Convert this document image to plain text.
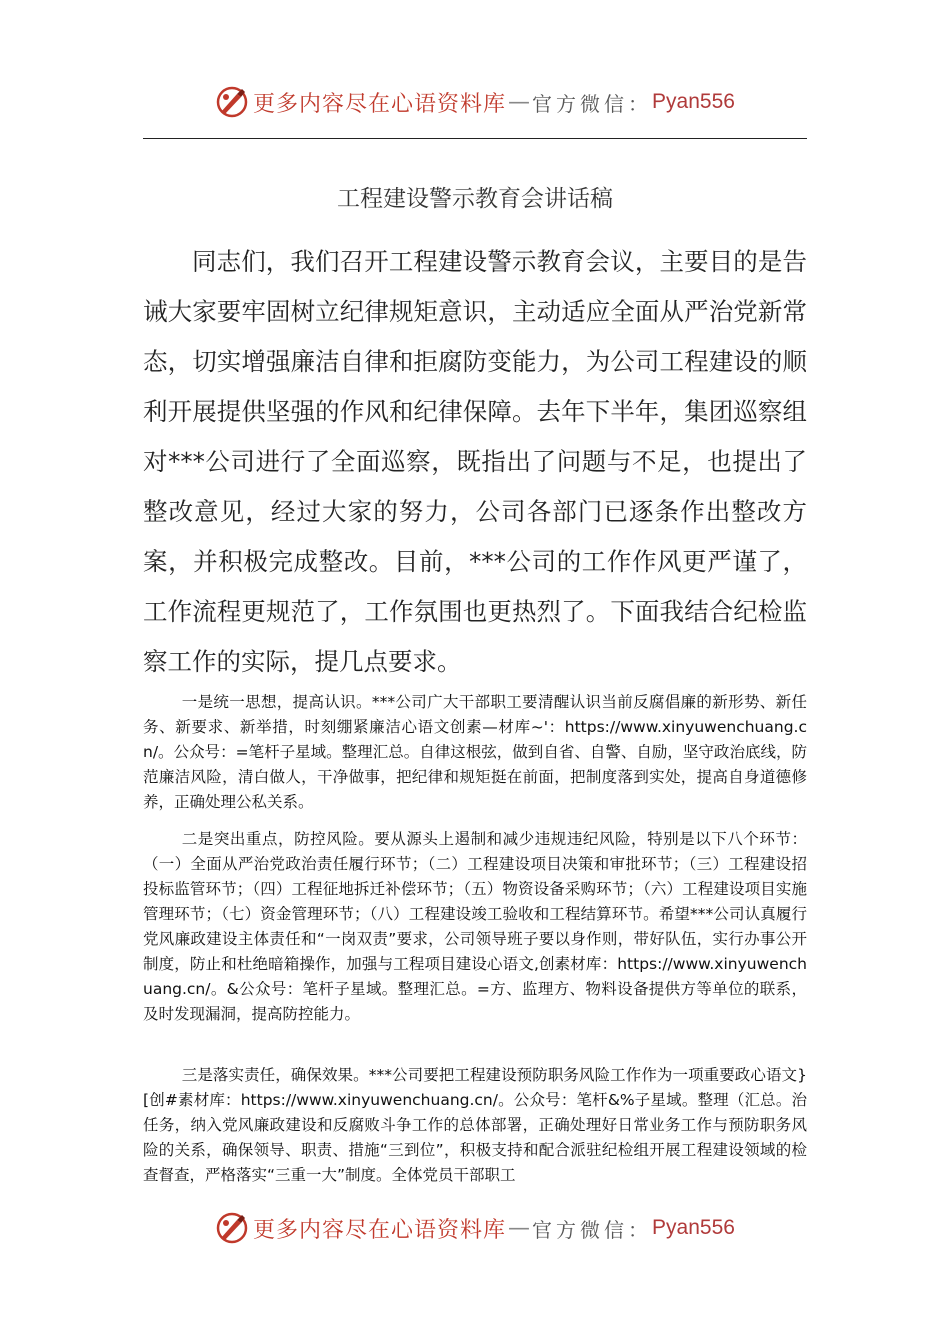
更多内容尽在心语资料库 — 官方微信： Pyan556
工程建设警示教育会讲话稿

同志们，我们召开工程建设警示教育会议，主要目的是告诫大家要牢固树立纪律规矩意识，主动适应全面从严治党新常态，切实增强廉洁自律和拒腐防变能力，为公司工程建设的顺利开展提供坚强的作风和纪律保障。去年下半年，集团巡察组对***公司进行了全面巡察，既指出了问题与不足，也提出了整改意见，经过大家的努力，公司各部门已逐条作出整改方案，并积极完成整改。目前，***公司的工作作风更严谨了，工作流程更规范了，工作氛围也更热烈了。下面我结合纪检监察工作的实际，提几点要求。

一是统一思想，提高认识。***公司广大干部职工要清醒认识当前反腐倡廉的新形势、新任务、新要求、新举措，时刻绷紧廉洁心语文创素—材库~'：https://www.xinyuwenchuang.cn/。公众号：=笔杆子星域。整理汇总。自律这根弦，做到自省、自警、自励，坚守政治底线，防范廉洁风险，清白做人，干净做事，把纪律和规矩挺在前面，把制度落到实处，提高自身道德修养，正确处理公私关系。

二是突出重点，防控风险。要从源头上遏制和减少违规违纪风险，特别是以下八个环节：（一）全面从严治党政治责任履行环节；（二）工程建设项目决策和审批环节；（三）工程建设招投标监管环节；（四）工程征地拆迁补偿环节；（五）物资设备采购环节；（六）工程建设项目实施管理环节；（七）资金管理环节；（八）工程建设竣工验收和工程结算环节。希望***公司认真履行党风廉政建设主体责任和“一岗双责”要求，公司领导班子要以身作则，带好队伍，实行办事公开制度，防止和杜绝暗箱操作，加强与工程项目建设心语文,创素材库：https://www.xinyuwenchuang.cn/。&公众号：笔杆子星域。整理汇总。=方、监理方、物料设备提供方等单位的联系，及时发现漏洞，提高防控能力。

三是落实责任，确保效果。***公司要把工程建设预防职务风险工作作为一项重要政心语文}[创#素材库：https://www.xinyuwenchuang.cn/。公众号：笔杆&%子星域。整理（汇总。治任务，纳入党风廉政建设和反腐败斗争工作的总体部署，正确处理好日常业务工作与预防职务风险的关系，确保领导、职责、措施“三到位”，积极支持和配合派驻纪检组开展工程建设领域的检查督查，严格落实“三重一大”制度。全体党员干部职工

更多内容尽在心语资料库 — 官方微信： Pyan556
